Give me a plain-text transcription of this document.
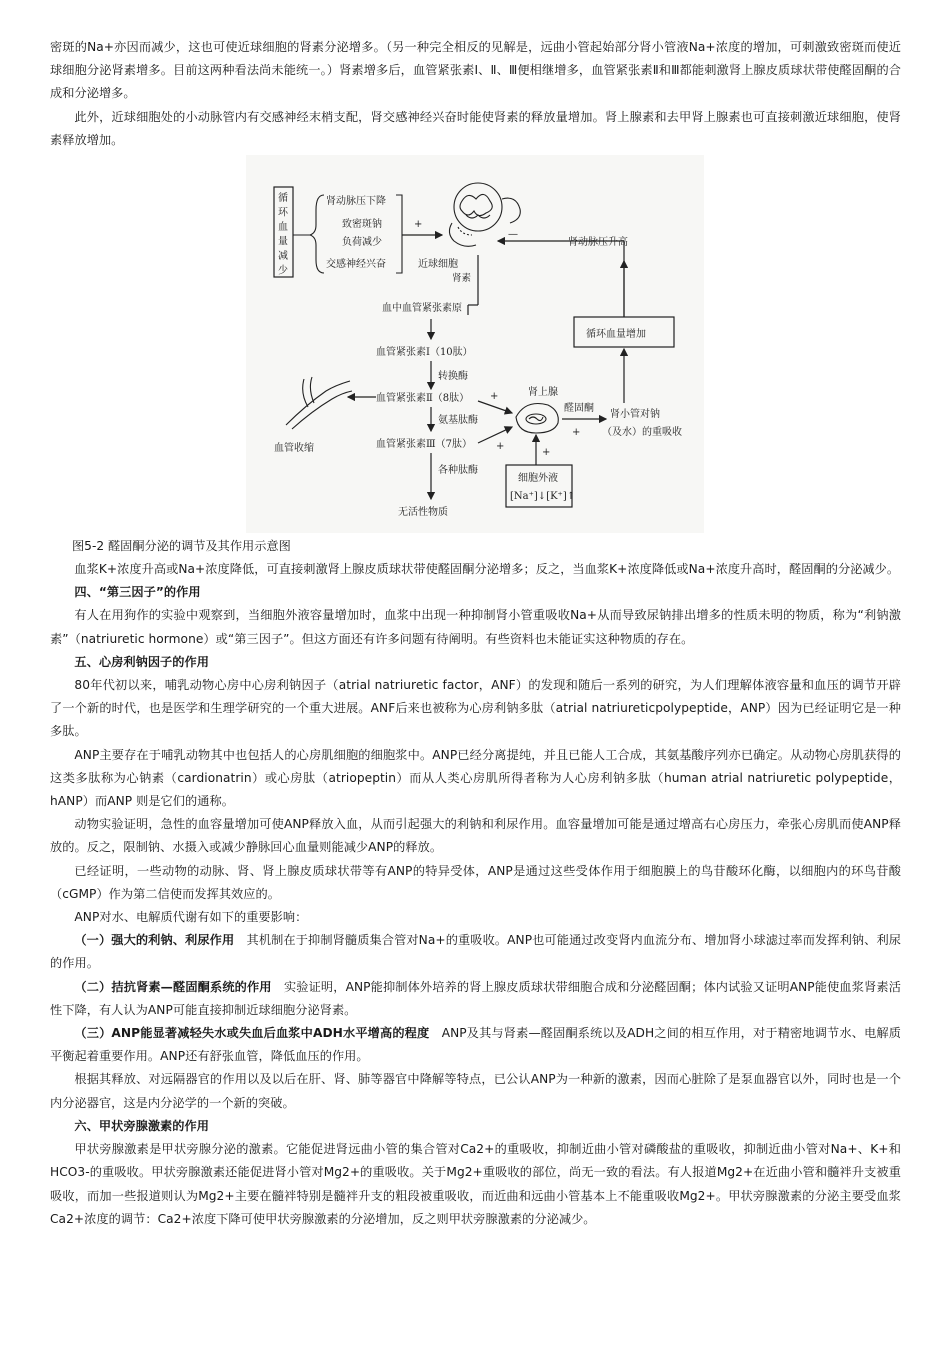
密斑的Na+亦因而减少，这也可使近球细胞的肾素分泌增多。（另一种完全相反的见解是，远曲小管起始部分肾小管液Na+浓度的增加，可刺激致密斑而使近球细胞分泌肾素增多。目前这两种看法尚未能统一。）肾素增多后，血管紧张素Ⅰ、Ⅱ、Ⅲ便相继增多，血管紧张素Ⅱ和Ⅲ都能刺激肾上腺皮质球状带使醛固酮的合成和分泌增多。

此外，近球细胞处的小动脉管内有交感神经末梢支配，肾交感神经兴奋时能使肾素的释放量增加。肾上腺素和去甲肾上腺素也可直接刺激近球细胞，使肾素释放增加。

循环血量减少
肾动脉压下降
致密斑钠
负荷减少
交感神经兴奋
+
近球细胞
—
肾动脉压升高
肾素
血中血管紧张素原
血管紧张素Ⅰ（10肽）
转换酶
血管紧张素Ⅱ（8肽）
血管收缩
氨基肽酶
血管紧张素Ⅲ（7肽）
肾上腺
+
+
醛固酮
+
肾小管对钠
（及水）的重吸收
循环血量增加
细胞外液
[Na⁺]↓[K⁺]↑
+
各种肽酶
无活性物质
图5-2 醛固酮分泌的调节及其作用示意图

血浆K+浓度升高或Na+浓度降低，可直接刺激肾上腺皮质球状带使醛固酮分泌增多；反之，当血浆K+浓度降低或Na+浓度升高时，醛固酮的分泌减少。

四、“第三因子”的作用

有人在用狗作的实验中观察到，当细胞外液容量增加时，血浆中出现一种抑制肾小管重吸收Na+从而导致尿钠排出增多的性质未明的物质，称为“利钠激素”（natriuretic hormone）或“第三因子”。但这方面还有许多问题有待阐明。有些资料也未能证实这种物质的存在。

五、心房利钠因子的作用

80年代初以来，哺乳动物心房中心房利钠因子（atrial natriuretic factor，ANF）的发现和随后一系列的研究，为人们理解体液容量和血压的调节开辟了一个新的时代，也是医学和生理学研究的一个重大进展。ANF后来也被称为心房利钠多肽（atrial natriureticpolypeptide，ANP）因为已经证明它是一种多肽。

ANP主要存在于哺乳动物其中也包括人的心房肌细胞的细胞浆中。ANP已经分离提纯，并且已能人工合成，其氨基酸序列亦已确定。从动物心房肌获得的这类多肽称为心钠素（cardionatrin）或心房肽（atriopeptin）而从人类心房肌所得者称为人心房利钠多肽（human atrial natriuretic polypeptide，hANP）而ANP 则是它们的通称。

动物实验证明，急性的血容量增加可使ANP释放入血，从而引起强大的利钠和利尿作用。血容量增加可能是通过增高右心房压力，牵张心房肌而使ANP释放的。反之，限制钠、水摄入或减少静脉回心血量则能减少ANP的释放。

已经证明，一些动物的动脉、肾、肾上腺皮质球状带等有ANP的特异受体，ANP是通过这些受体作用于细胞膜上的鸟苷酸环化酶，以细胞内的环鸟苷酸（cGMP）作为第二信使而发挥其效应的。

ANP对水、电解质代谢有如下的重要影响：

（一）强大的利钠、利尿作用　其机制在于抑制肾髓质集合管对Na+的重吸收。ANP也可能通过改变肾内血流分布、增加肾小球滤过率而发挥利钠、利尿的作用。

（二）拮抗肾素—醛固酮系统的作用　实验证明，ANP能抑制体外培养的肾上腺皮质球状带细胞合成和分泌醛固酮；体内试验又证明ANP能使血浆肾素活性下降，有人认为ANP可能直接抑制近球细胞分泌肾素。

（三）ANP能显著减轻失水或失血后血浆中ADH水平增高的程度　ANP及其与肾素—醛固酮系统以及ADH之间的相互作用，对于精密地调节水、电解质平衡起着重要作用。ANP还有舒张血管，降低血压的作用。

根据其释放、对远隔器官的作用以及以后在肝、肾、肺等器官中降解等特点，已公认ANP为一种新的激素，因而心脏除了是泵血器官以外，同时也是一个内分泌器官，这是内分泌学的一个新的突破。

六、甲状旁腺激素的作用

甲状旁腺激素是甲状旁腺分泌的激素。它能促进肾远曲小管的集合管对Ca2+的重吸收，抑制近曲小管对磷酸盐的重吸收，抑制近曲小管对Na+、K+和HCO3-的重吸收。甲状旁腺激素还能促进肾小管对Mg2+的重吸收。关于Mg2+重吸收的部位，尚无一致的看法。有人报道Mg2+在近曲小管和髓袢升支被重吸收，而加一些报道则认为Mg2+主要在髓袢特别是髓袢升支的粗段被重吸收，而近曲和远曲小管基本上不能重吸收Mg2+。甲状旁腺激素的分泌主要受血浆Ca2+浓度的调节：Ca2+浓度下降可使甲状旁腺激素的分泌增加，反之则甲状旁腺激素的分泌减少。
